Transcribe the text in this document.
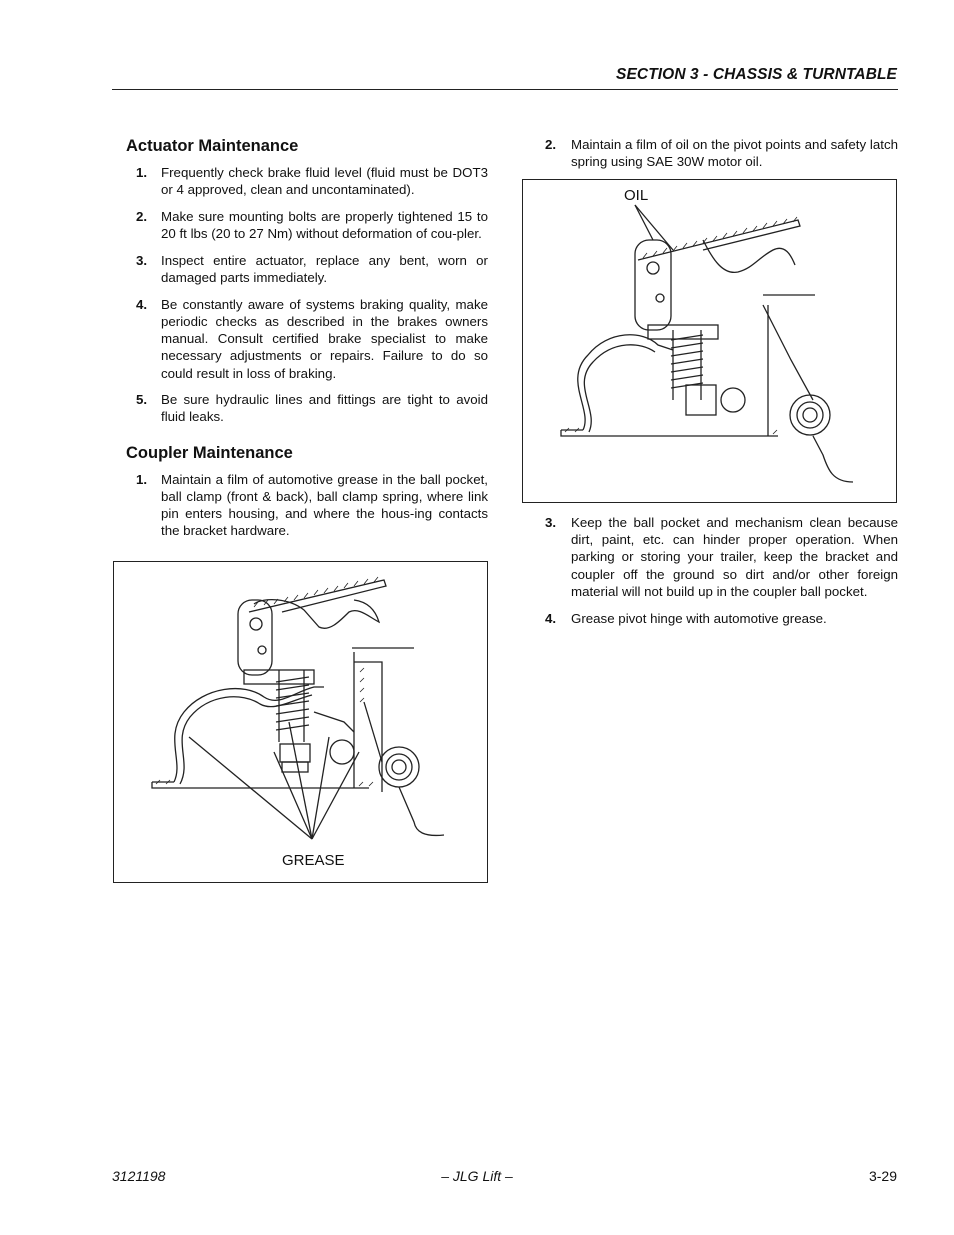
SECTION 3 - CHASSIS & TURNTABLE
Actuator Maintenance
1.	Frequently check brake fluid level (fluid must be DOT3 or 4 approved, clean and uncontaminated).
2.	Make sure mounting bolts are properly tightened 15 to 20 ft lbs (20 to 27 Nm) without deformation of cou-pler.
3.	Inspect entire actuator, replace any bent, worn or damaged parts immediately.
4.	Be constantly aware of systems braking quality, make periodic checks as described in the brakes owners manual. Consult certified brake specialist to make necessary adjustments or repairs. Failure to do so could result in loss of braking.
5.	Be sure hydraulic lines and fittings are tight to avoid fluid leaks.
Coupler Maintenance
1.	Maintain a film of automotive grease in the ball pocket, ball clamp (front & back), ball clamp spring, where link pin enters housing, and where the hous-ing contacts the bracket hardware.
GREASE
2.	Maintain a film of oil on the pivot points and safety latch spring using SAE 30W motor oil.
OIL
3.	Keep the ball pocket and mechanism clean because dirt, paint, etc. can hinder proper operation. When parking or storing your trailer, keep the bracket and coupler off the ground so dirt and/or other foreign material will not build up in the coupler ball pocket.
4.	Grease pivot hinge with automotive grease.
3121198	– JLG Lift –	3-29
